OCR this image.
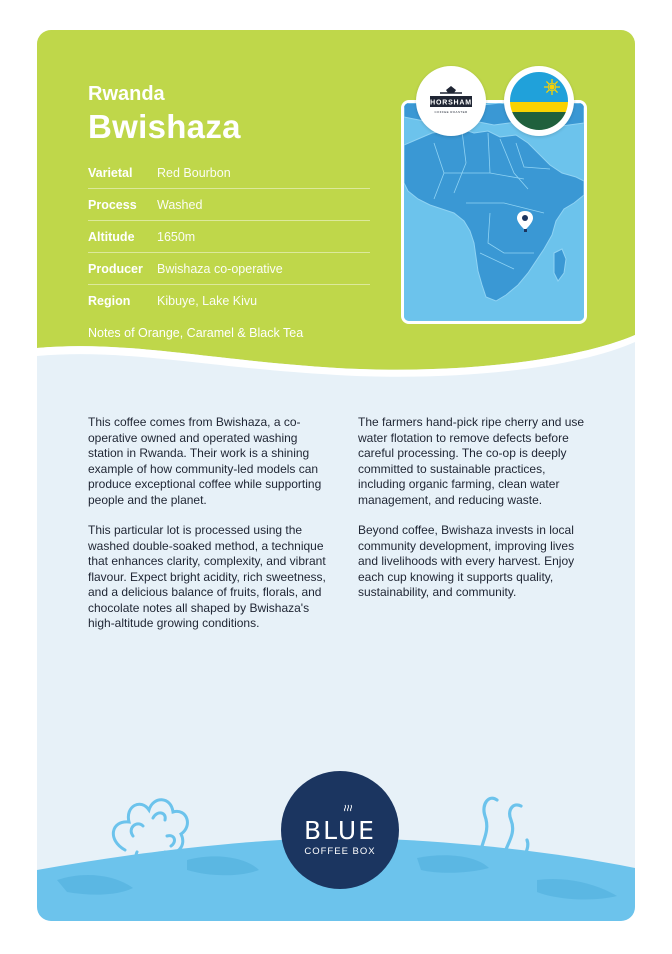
Rwanda
Bwishaza
Varietal	Red Bourbon
Process	Washed
Altitude	1650m
Producer	Bwishaza co-operative
Region	Kibuye, Lake Kivu
Notes of Orange, Caramel & Black Tea
HORSHAM
COFFEE ROASTER

This coffee comes from Bwishaza, a co-operative owned and operated washing station in Rwanda. Their work is a shining example of how community-led models can produce exceptional coffee while supporting people and the planet.

This particular lot is processed using the washed double-soaked method, a technique that enhances clarity, complexity, and vibrant flavour. Expect bright acidity, rich sweetness, and a delicious balance of fruits, florals, and chocolate notes all shaped by Bwishaza's high-altitude growing conditions.

The farmers hand-pick ripe cherry and use water flotation to remove defects before careful processing. The co-op is deeply committed to sustainable practices, including organic farming, clean water management, and reducing waste.

Beyond coffee, Bwishaza invests in local community development, improving lives and livelihoods with every harvest. Enjoy each cup knowing it supports quality, sustainability, and community.

BLUE
COFFEE BOX
